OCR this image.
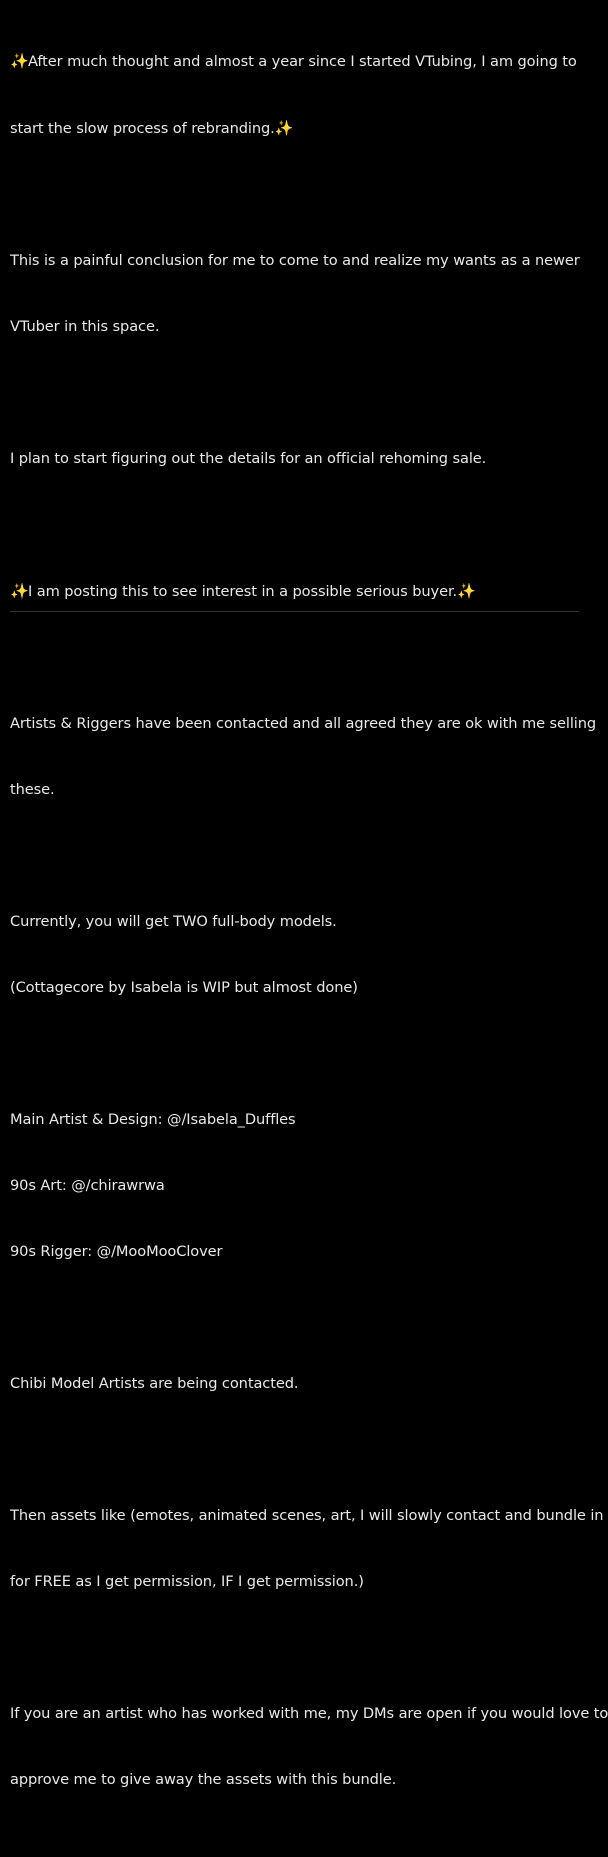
✨After much thought and almost a year since I started VTubing, I am going to

start the slow process of rebranding.✨

This is a painful conclusion for me to come to and realize my wants as a newer

VTuber in this space.

I plan to start figuring out the details for an official rehoming sale.

✨I am posting this to see interest in a possible serious buyer.✨

Artists & Riggers have been contacted and all agreed they are ok with me selling

these.

Currently, you will get TWO full-body models.

(Cottagecore by Isabela is WIP but almost done)

Main Artist & Design: @/Isabela_Duffles

90s Art: @/chirawrwa

90s Rigger: @/MooMooClover

Chibi Model Artists are being contacted.

Then assets like (emotes, animated scenes, art, I will slowly contact and bundle in

for FREE as I get permission, IF I get permission.)

If you are an artist who has worked with me, my DMs are open if you would love to

approve me to give away the assets with this bundle.
